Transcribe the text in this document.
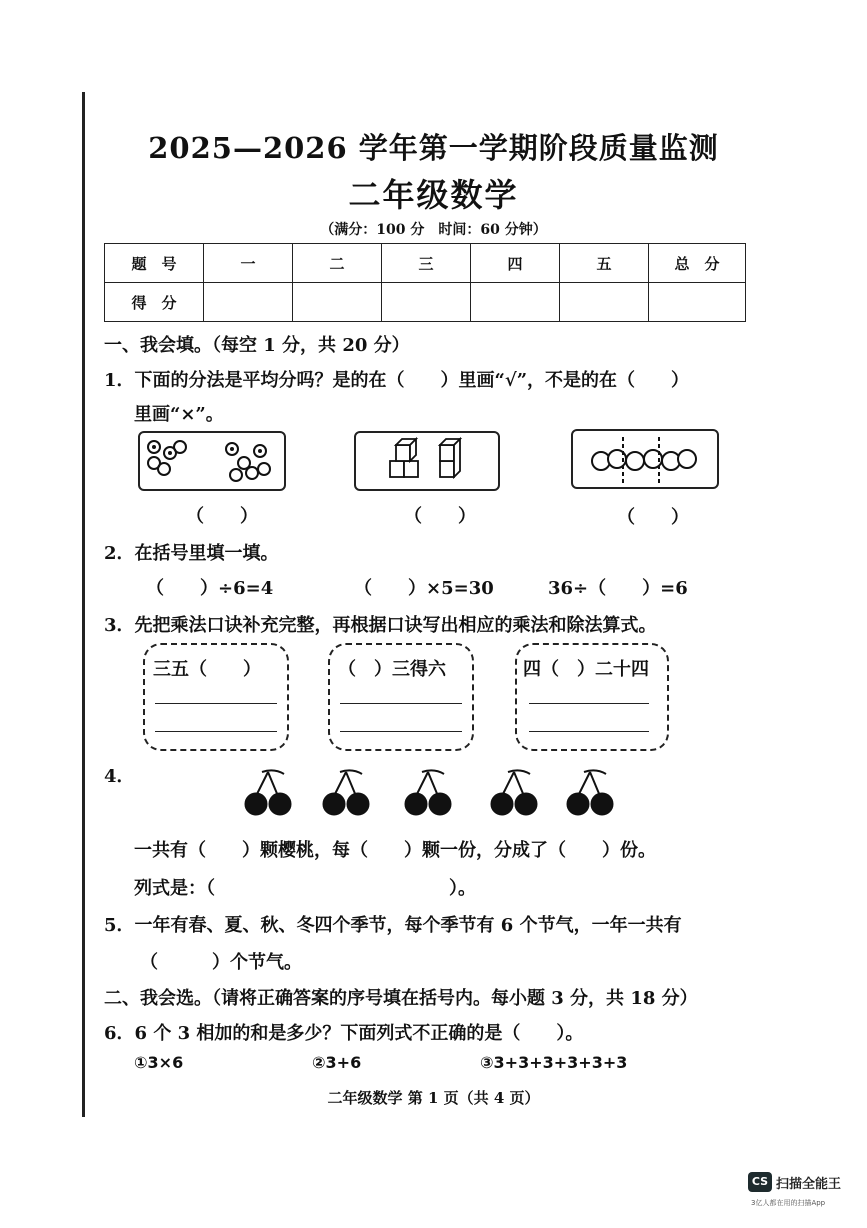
2025—2026 学年第一学期阶段质量监测
二年级数学
（满分：100 分　时间：60 分钟）
题　号	一	二	三	四	五	总　分
得　分						
一、我会填。（每空 1 分，共 20 分）
1．下面的分法是平均分吗？是的在（　　）里画“√”，不是的在（　　）
里画“×”。
（　　）	（　　）	（　　）
2．在括号里填一填。
（　　）÷6=4	（　　）×5=30	36÷（　　）=6
3．先把乘法口诀补充完整，再根据口诀写出相应的乘法和除法算式。
三五（　　）	（　）三得六	四（　）二十四
4．
一共有（　　）颗樱桃，每（　　）颗一份，分成了（　　）份。
列式是：（　　　　　　　　　　　　　）。
5．一年有春、夏、秋、冬四个季节，每个季节有 6 个节气，一年一共有
（　　　）个节气。
二、我会选。（请将正确答案的序号填在括号内。每小题 3 分，共 18 分）
6．6 个 3 相加的和是多少？下面列式不正确的是（　　）。
①3×6	②3+6	③3+3+3+3+3+3
二年级数学 第 1 页（共 4 页）
CS 扫描全能王
3亿人都在用的扫描App
